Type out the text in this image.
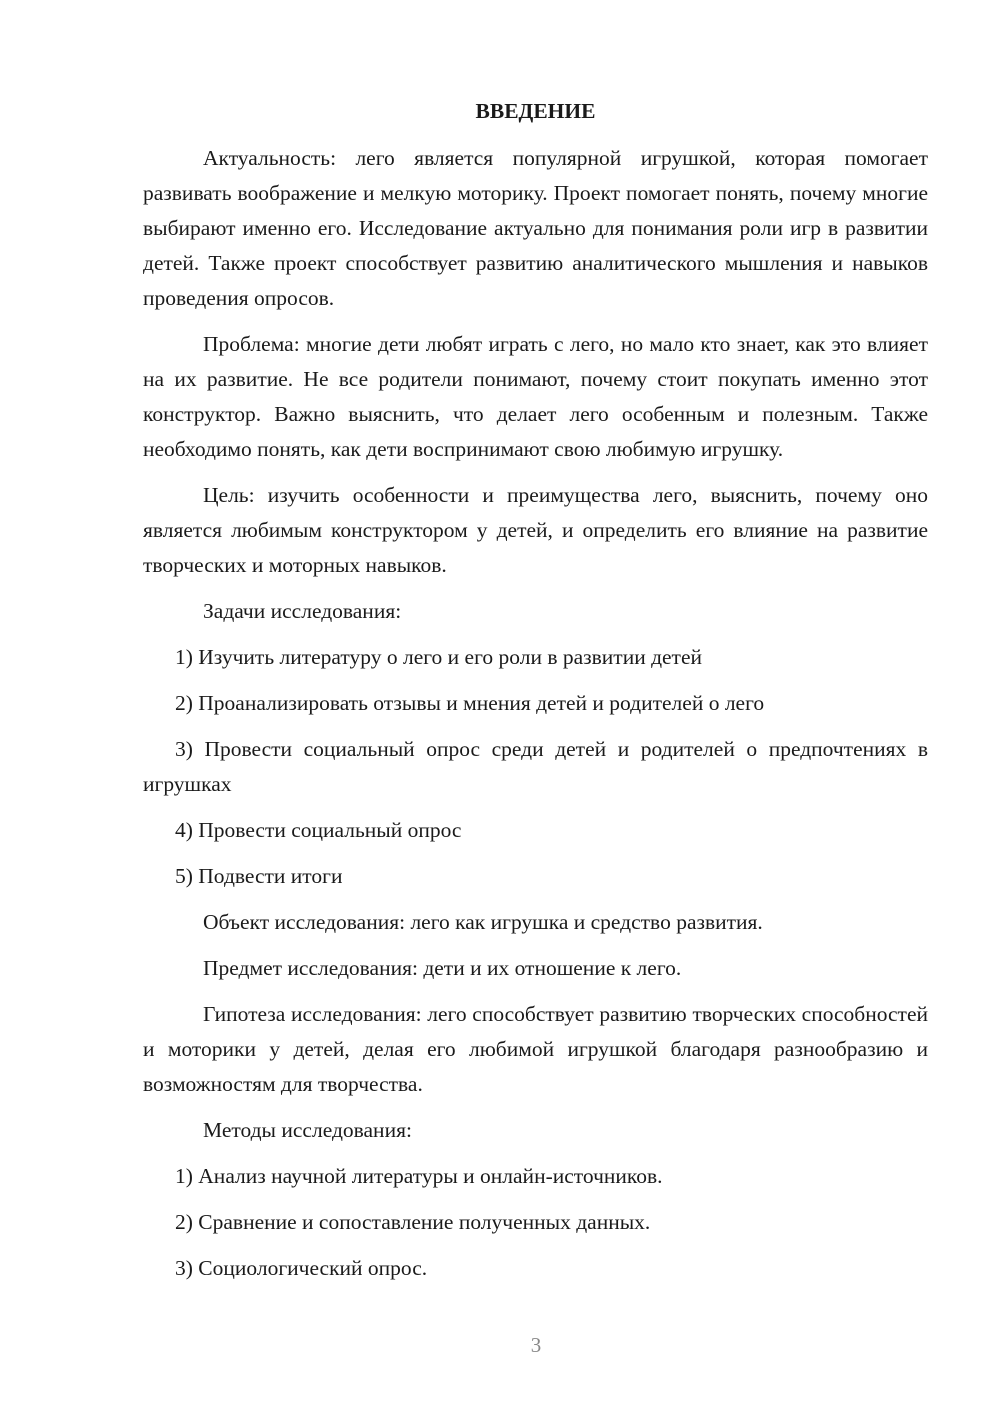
ВВЕДЕНИЕ

Актуальность: лего является популярной игрушкой, которая помогает развивать воображение и мелкую моторику. Проект помогает понять, почему многие выбирают именно его. Исследование актуально для понимания роли игр в развитии детей. Также проект способствует развитию аналитического мышления и навыков проведения опросов.

Проблема: многие дети любят играть с лего, но мало кто знает, как это влияет на их развитие. Не все родители понимают, почему стоит покупать именно этот конструктор. Важно выяснить, что делает лего особенным и полезным. Также необходимо понять, как дети воспринимают свою любимую игрушку.

Цель: изучить особенности и преимущества лего, выяснить, почему оно является любимым конструктором у детей, и определить его влияние на развитие творческих и моторных навыков.

Задачи исследования:

1) Изучить литературу о лего и его роли в развитии детей

2) Проанализировать отзывы и мнения детей и родителей о лего

3) Провести социальный опрос среди детей и родителей о предпочтениях в игрушках

4) Провести социальный опрос

5) Подвести итоги

Объект исследования: лего как игрушка и средство развития.

Предмет исследования: дети и их отношение к лего.

Гипотеза исследования: лего способствует развитию творческих способностей и моторики у детей, делая его любимой игрушкой благодаря разнообразию и возможностям для творчества.

Методы исследования:

1) Анализ научной литературы и онлайн-источников.

2) Сравнение и сопоставление полученных данных.

3) Социологический опрос.

3
